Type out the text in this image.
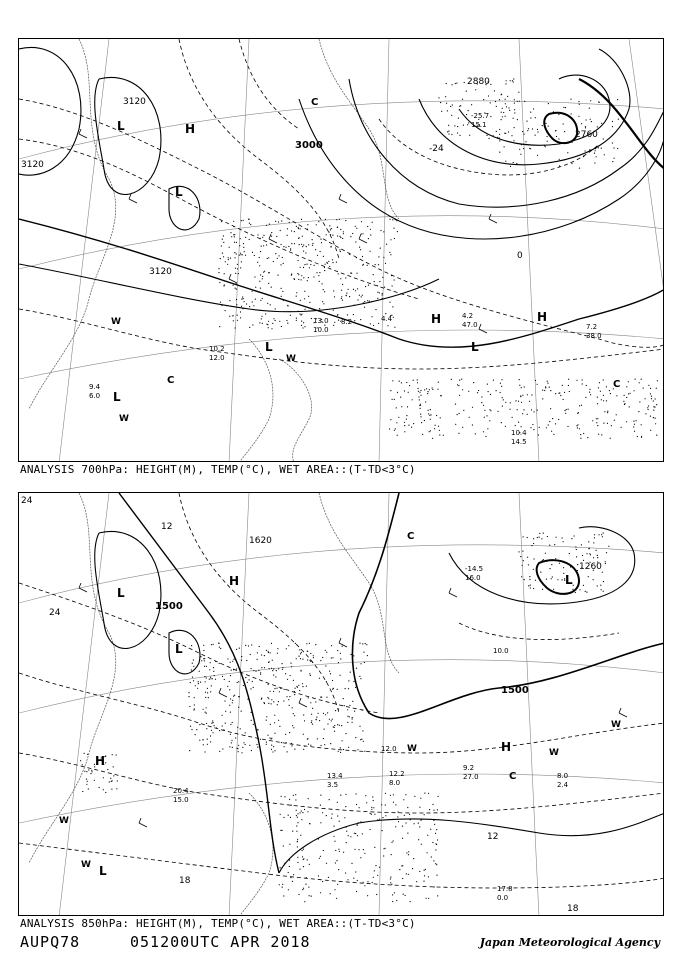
3120
3120
3120
3000
2880
2760
0
-24
L
L
H
H	H
L
L
C
C
W
W
W
L
C
10.2
12.0
4.2
47.0	7.2
38.0
13.0
10.0
-25.7
15.1
9.4
6.0
10.4
14.5
8.2	4.4
ANALYSIS 700hPa: HEIGHT(M), TEMP(°C), WET AREA::(T-TD<3°C)
1500
1500
1260
1620
24
24
12
18
18
12
L
L
L
H
H
H
W	W
C
C
W
W
L
W
12.2
8.0
13.4
3.5
17.8
0.0
9.2
27.0	8.0
2.4
-14.5
16.0
20.4
15.0
10.0
12.0
ANALYSIS 850hPa: HEIGHT(M), TEMP(°C), WET AREA::(T-TD<3°C)
AUPQ78	051200UTC APR 2018	Japan Meteorological Agency
